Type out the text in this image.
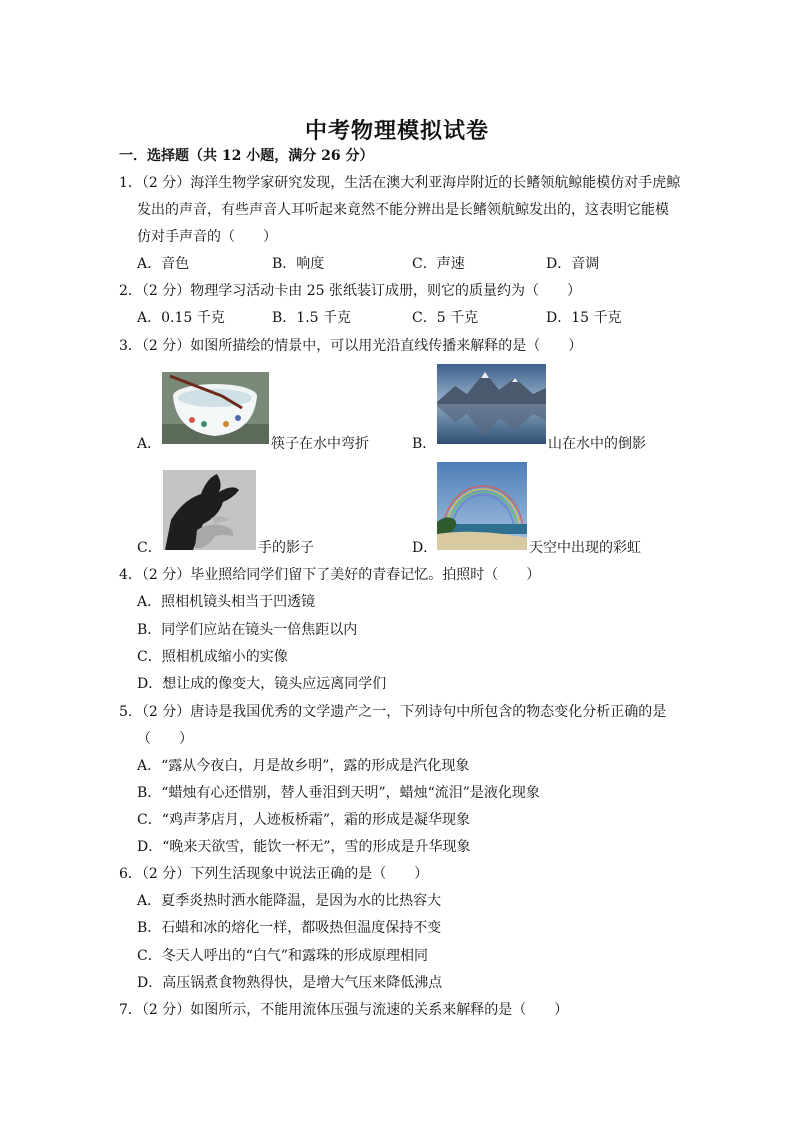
中考物理模拟试卷
一．选择题（共 12 小题，满分 26 分）
1．（2 分）海洋生物学家研究发现，生活在澳大利亚海岸附近的长鳍领航鲸能模仿对手虎鲸
发出的声音，有些声音人耳听起来竟然不能分辨出是长鳍领航鲸发出的，这表明它能模
仿对手声音的（　　）
A．音色	B．响度	C．声速	D．音调
2．（2 分）物理学习活动卡由 25 张纸装订成册，则它的质量约为（　　）
A．0.15 千克	B．1.5 千克	C．5 千克	D．15 千克
3．（2 分）如图所描绘的情景中，可以用光沿直线传播来解释的是（　　）
A．	筷子在水中弯折	B．	山在水中的倒影
C．	手的影子	D．	天空中出现的彩虹
4．（2 分）毕业照给同学们留下了美好的青春记忆。拍照时（　　）
A．照相机镜头相当于凹透镜
B．同学们应站在镜头一倍焦距以内
C．照相机成缩小的实像
D．想让成的像变大，镜头应远离同学们
5．（2 分）唐诗是我国优秀的文学遗产之一，下列诗句中所包含的物态变化分析正确的是
（　　）
A．“露从今夜白，月是故乡明”，露的形成是汽化现象
B．“蜡烛有心还惜别，替人垂泪到天明”，蜡烛“流泪”是液化现象
C．“鸡声茅店月，人迹板桥霜”，霜的形成是凝华现象
D．“晚来天欲雪，能饮一杯无”，雪的形成是升华现象
6．（2 分）下列生活现象中说法正确的是（　　）
A．夏季炎热时洒水能降温，是因为水的比热容大
B．石蜡和冰的熔化一样，都吸热但温度保持不变
C．冬天人呼出的“白气”和露珠的形成原理相同
D．高压锅煮食物熟得快，是增大气压来降低沸点
7．（2 分）如图所示，不能用流体压强与流速的关系来解释的是（　　）
